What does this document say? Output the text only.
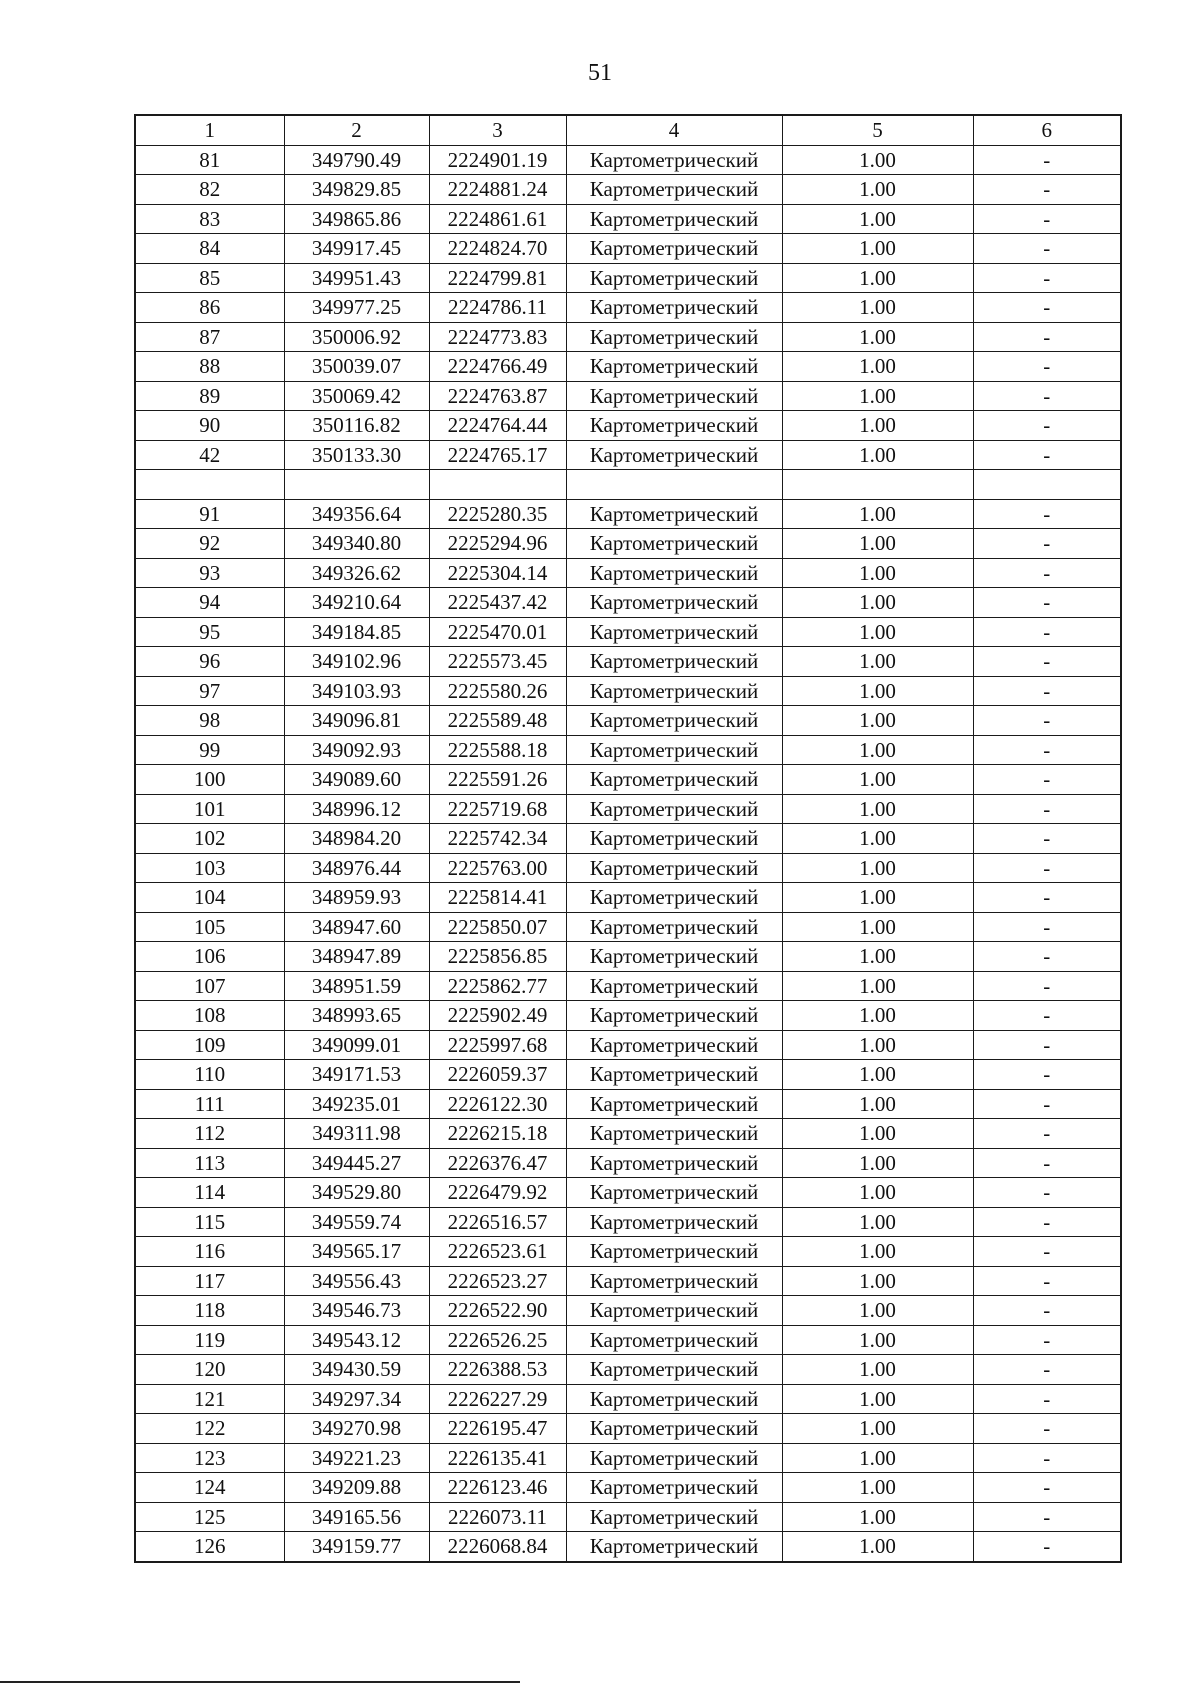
51
1	2	3	4	5	6
81	349790.49	2224901.19	Картометрический	1.00	-
82	349829.85	2224881.24	Картометрический	1.00	-
83	349865.86	2224861.61	Картометрический	1.00	-
84	349917.45	2224824.70	Картометрический	1.00	-
85	349951.43	2224799.81	Картометрический	1.00	-
86	349977.25	2224786.11	Картометрический	1.00	-
87	350006.92	2224773.83	Картометрический	1.00	-
88	350039.07	2224766.49	Картометрический	1.00	-
89	350069.42	2224763.87	Картометрический	1.00	-
90	350116.82	2224764.44	Картометрический	1.00	-
42	350133.30	2224765.17	Картометрический	1.00	-

91	349356.64	2225280.35	Картометрический	1.00	-
92	349340.80	2225294.96	Картометрический	1.00	-
93	349326.62	2225304.14	Картометрический	1.00	-
94	349210.64	2225437.42	Картометрический	1.00	-
95	349184.85	2225470.01	Картометрический	1.00	-
96	349102.96	2225573.45	Картометрический	1.00	-
97	349103.93	2225580.26	Картометрический	1.00	-
98	349096.81	2225589.48	Картометрический	1.00	-
99	349092.93	2225588.18	Картометрический	1.00	-
100	349089.60	2225591.26	Картометрический	1.00	-
101	348996.12	2225719.68	Картометрический	1.00	-
102	348984.20	2225742.34	Картометрический	1.00	-
103	348976.44	2225763.00	Картометрический	1.00	-
104	348959.93	2225814.41	Картометрический	1.00	-
105	348947.60	2225850.07	Картометрический	1.00	-
106	348947.89	2225856.85	Картометрический	1.00	-
107	348951.59	2225862.77	Картометрический	1.00	-
108	348993.65	2225902.49	Картометрический	1.00	-
109	349099.01	2225997.68	Картометрический	1.00	-
110	349171.53	2226059.37	Картометрический	1.00	-
111	349235.01	2226122.30	Картометрический	1.00	-
112	349311.98	2226215.18	Картометрический	1.00	-
113	349445.27	2226376.47	Картометрический	1.00	-
114	349529.80	2226479.92	Картометрический	1.00	-
115	349559.74	2226516.57	Картометрический	1.00	-
116	349565.17	2226523.61	Картометрический	1.00	-
117	349556.43	2226523.27	Картометрический	1.00	-
118	349546.73	2226522.90	Картометрический	1.00	-
119	349543.12	2226526.25	Картометрический	1.00	-
120	349430.59	2226388.53	Картометрический	1.00	-
121	349297.34	2226227.29	Картометрический	1.00	-
122	349270.98	2226195.47	Картометрический	1.00	-
123	349221.23	2226135.41	Картометрический	1.00	-
124	349209.88	2226123.46	Картометрический	1.00	-
125	349165.56	2226073.11	Картометрический	1.00	-
126	349159.77	2226068.84	Картометрический	1.00	-
